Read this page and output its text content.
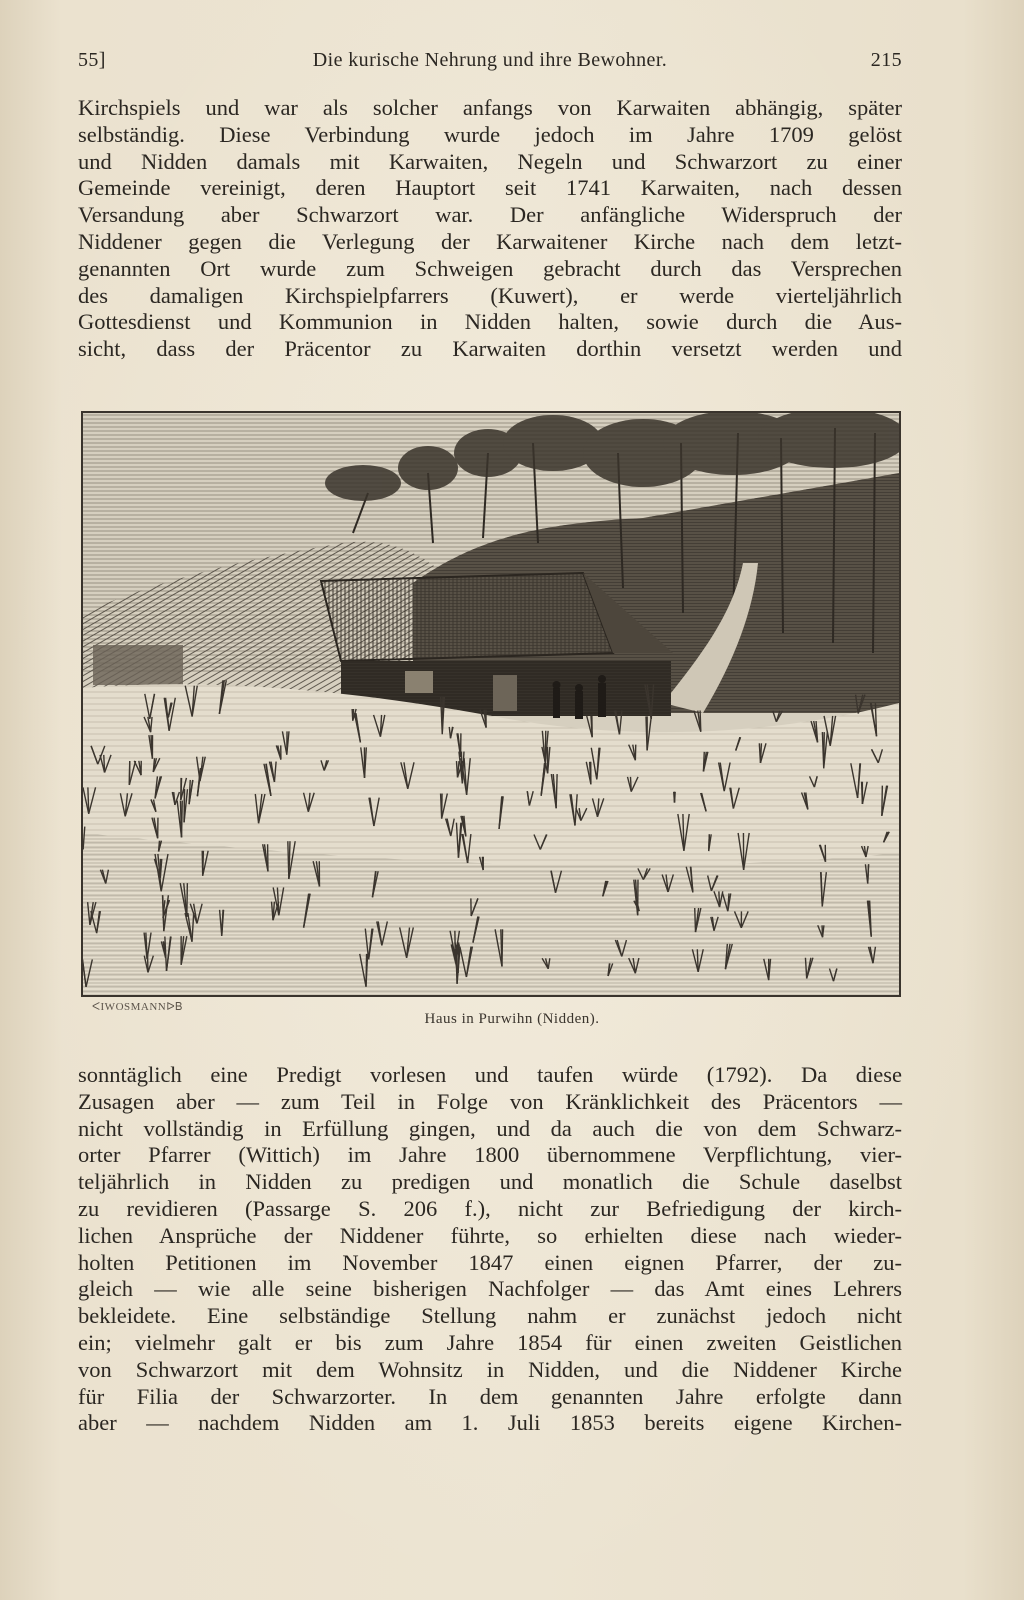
55]	Die kurische Nehrung und ihre Bewohner.	215
Kirchspiels und war als solcher anfangs von Karwaiten abhängig, später
selbständig. Diese Verbindung wurde jedoch im Jahre 1709 gelöst
und Nidden damals mit Karwaiten, Negeln und Schwarzort zu einer
Gemeinde vereinigt, deren Hauptort seit 1741 Karwaiten, nach dessen
Versandung aber Schwarzort war. Der anfängliche Widerspruch der
Niddener gegen die Verlegung der Karwaitener Kirche nach dem letzt-
genannten Ort wurde zum Schweigen gebracht durch das Versprechen
des damaligen Kirchspielpfarrers (Kuwert), er werde vierteljährlich
Gottesdienst und Kommunion in Nidden halten, sowie durch die Aus-
sicht, dass der Präcentor zu Karwaiten dorthin versetzt werden und
ᐸIWOSMANNᐅᏴ
Haus in Purwihn (Nidden).
sonntäglich eine Predigt vorlesen und taufen würde (1792). Da diese
Zusagen aber — zum Teil in Folge von Kränklichkeit des Präcentors —
nicht vollständig in Erfüllung gingen, und da auch die von dem Schwarz-
orter Pfarrer (Wittich) im Jahre 1800 übernommene Verpflichtung, vier-
teljährlich in Nidden zu predigen und monatlich die Schule daselbst
zu revidieren (Passarge S. 206 f.), nicht zur Befriedigung der kirch-
lichen Ansprüche der Niddener führte, so erhielten diese nach wieder-
holten Petitionen im November 1847 einen eignen Pfarrer, der zu-
gleich — wie alle seine bisherigen Nachfolger — das Amt eines Lehrers
bekleidete. Eine selbständige Stellung nahm er zunächst jedoch nicht
ein; vielmehr galt er bis zum Jahre 1854 für einen zweiten Geistlichen
von Schwarzort mit dem Wohnsitz in Nidden, und die Niddener Kirche
für Filia der Schwarzorter. In dem genannten Jahre erfolgte dann
aber — nachdem Nidden am 1. Juli 1853 bereits eigene Kirchen-
